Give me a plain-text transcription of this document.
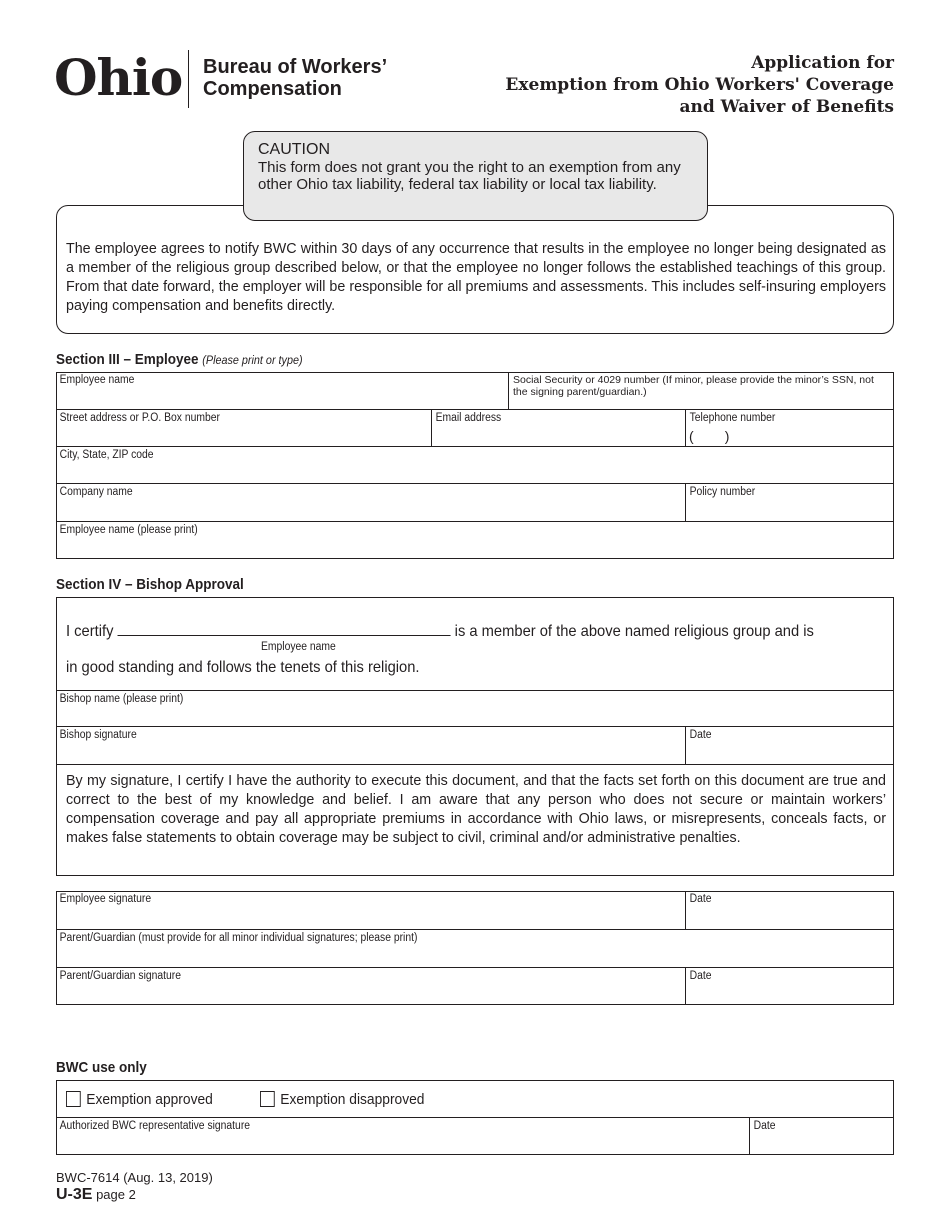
Ohio Bureau of Workers’
Compensation
Application for
Exemption from Ohio Workers' Coverage
and Waiver of Benefits
CAUTION
This form does not grant you the right to an exemption from any other Ohio tax liability, federal tax liability or local tax liability.
The employee agrees to notify BWC within 30 days of any occurrence that results in the employee no longer being designated as a member of the religious group described below, or that the employee no longer follows the established teachings of this group. From that date forward, the employer will be responsible for all premiums and assessments. This includes self-insuring employers paying compensation and benefits directly.
Section III – Employee (Please print or type)
Employee name	Social Security or 4029 number (If minor, please provide the minor’s SSN, not the signing parent/guardian.)
Street address or P.O. Box number	Email address	Telephone number
(        )
City, State, ZIP code
Company name	Policy number
Employee name (please print)
Section IV – Bishop Approval
I certify	is a member of the above named religious group and is
Employee name
in good standing and follows the tenets of this religion.
Bishop name (please print)
Bishop signature	Date
By my signature, I certify I have the authority to execute this document, and that the facts set forth on this document are true and correct to the best of my knowledge and belief. I am aware that any person who does not secure or maintain workers’ compensation coverage and pay all appropriate premiums in accordance with Ohio laws, or misrepresents, conceals facts, or makes false statements to obtain coverage may be subject to civil, criminal and/or administrative penalties.
Employee signature	Date
Parent/Guardian (must provide for all minor individual signatures; please print)
Parent/Guardian signature	Date
BWC use only
Exemption approved	Exemption disapproved
Authorized BWC representative signature	Date
BWC-7614 (Aug. 13, 2019)
U-3E page 2
